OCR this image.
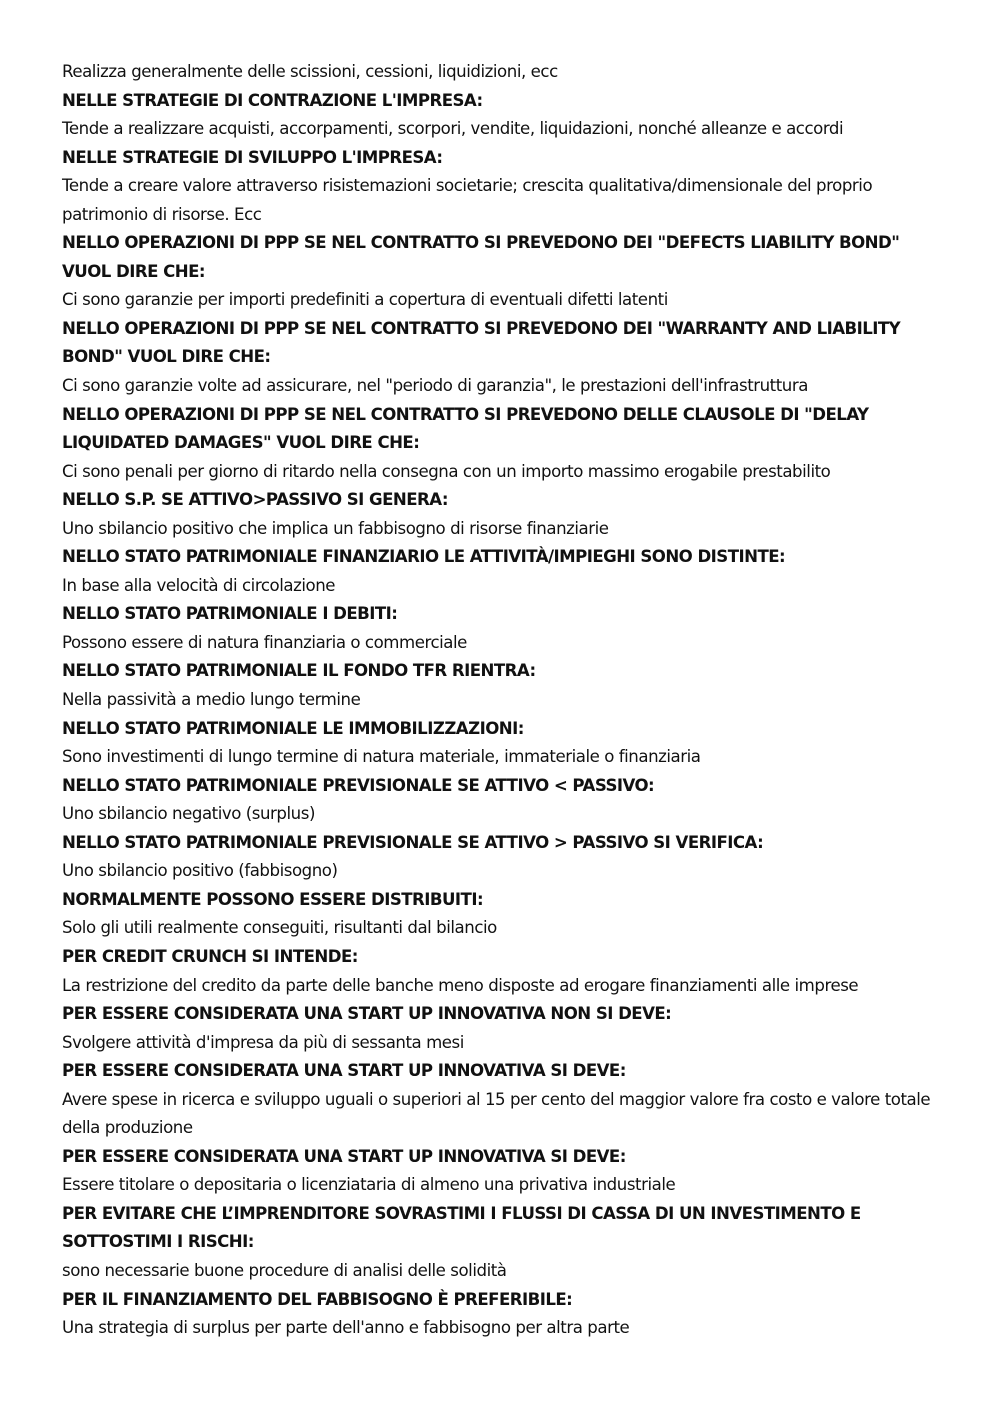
Realizza generalmente delle scissioni, cessioni, liquidizioni, ecc

NELLE STRATEGIE DI CONTRAZIONE L'IMPRESA:

Tende a realizzare acquisti, accorpamenti, scorpori, vendite, liquidazioni, nonché alleanze e accordi

NELLE STRATEGIE DI SVILUPPO L'IMPRESA:

Tende a creare valore attraverso risistemazioni societarie; crescita qualitativa/dimensionale del proprio patrimonio di risorse. Ecc

NELLO OPERAZIONI DI PPP SE NEL CONTRATTO SI PREVEDONO DEI "DEFECTS LIABILITY BOND" VUOL DIRE CHE:

Ci sono garanzie per importi predefiniti a copertura di eventuali difetti latenti

NELLO OPERAZIONI DI PPP SE NEL CONTRATTO SI PREVEDONO DEI "WARRANTY AND LIABILITY BOND" VUOL DIRE CHE:

Ci sono garanzie volte ad assicurare, nel "periodo di garanzia", le prestazioni dell'infrastruttura

NELLO OPERAZIONI DI PPP SE NEL CONTRATTO SI PREVEDONO DELLE CLAUSOLE DI "DELAY LIQUIDATED DAMAGES" VUOL DIRE CHE:

Ci sono penali per giorno di ritardo nella consegna con un importo massimo erogabile prestabilito

NELLO S.P. SE ATTIVO>PASSIVO SI GENERA:

Uno sbilancio positivo che implica un fabbisogno di risorse finanziarie

NELLO STATO PATRIMONIALE FINANZIARIO LE ATTIVITÀ/IMPIEGHI SONO DISTINTE:

In base alla velocità di circolazione

NELLO STATO PATRIMONIALE I DEBITI:

Possono essere di natura finanziaria o commerciale

NELLO STATO PATRIMONIALE IL FONDO TFR RIENTRA:

Nella passività a medio lungo termine

NELLO STATO PATRIMONIALE LE IMMOBILIZZAZIONI:

Sono investimenti di lungo termine di natura materiale, immateriale o finanziaria

NELLO STATO PATRIMONIALE PREVISIONALE SE ATTIVO < PASSIVO:

Uno sbilancio negativo (surplus)

NELLO STATO PATRIMONIALE PREVISIONALE SE ATTIVO > PASSIVO SI VERIFICA:

Uno sbilancio positivo (fabbisogno)

NORMALMENTE POSSONO ESSERE DISTRIBUITI:

Solo gli utili realmente conseguiti, risultanti dal bilancio

PER CREDIT CRUNCH SI INTENDE:

La restrizione del credito da parte delle banche meno disposte ad erogare finanziamenti alle imprese

PER ESSERE CONSIDERATA UNA START UP INNOVATIVA NON SI DEVE:

Svolgere attività d'impresa da più di sessanta mesi

PER ESSERE CONSIDERATA UNA START UP INNOVATIVA SI DEVE:

Avere spese in ricerca e sviluppo uguali o superiori al 15 per cento del maggior valore fra costo e valore totale della produzione

PER ESSERE CONSIDERATA UNA START UP INNOVATIVA SI DEVE:

Essere titolare o depositaria o licenziataria di almeno una privativa industriale

PER EVITARE CHE L’IMPRENDITORE SOVRASTIMI I FLUSSI DI CASSA DI UN INVESTIMENTO E SOTTOSTIMI I RISCHI:

sono necessarie buone procedure di analisi delle solidità

PER IL FINANZIAMENTO DEL FABBISOGNO È PREFERIBILE:

Una strategia di surplus per parte dell'anno e fabbisogno per altra parte
